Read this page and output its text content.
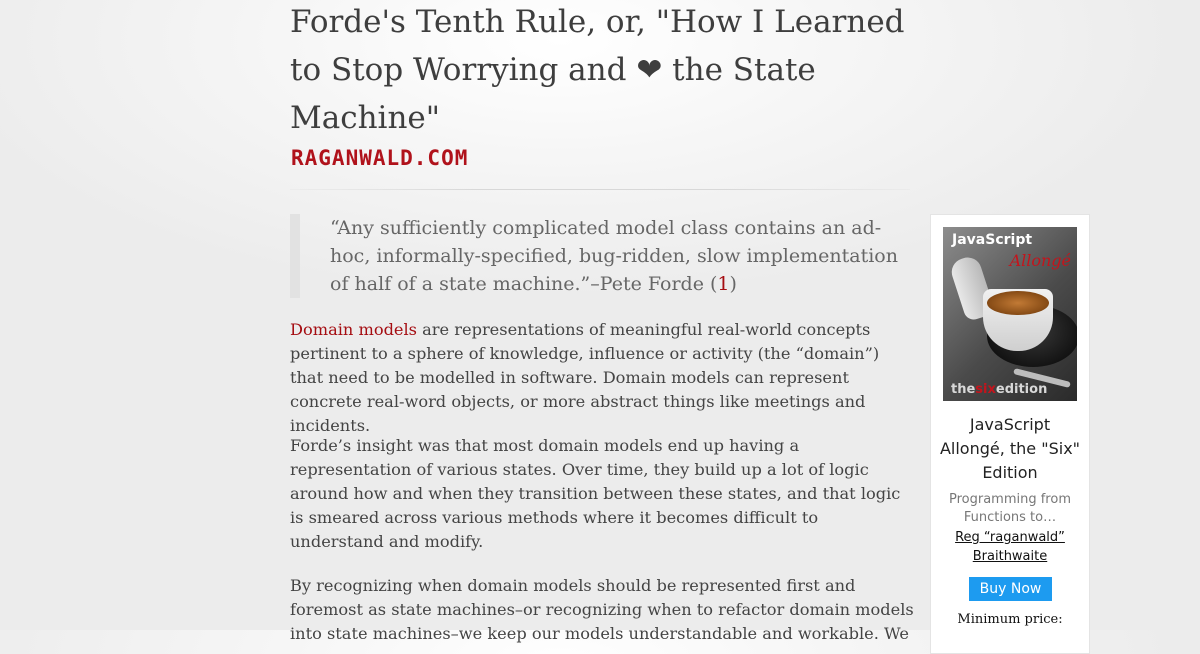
Forde's Tenth Rule, or, "How I Learned to Stop Worrying and ❤ the State Machine"
RAGANWALD.COM

“Any sufficiently complicated model class contains an ad-hoc, informally-specified, bug-ridden, slow implementation of half of a state machine.”–Pete Forde (1)

Domain models are representations of meaningful real-world concepts pertinent to a sphere of knowledge, influence or activity (the “domain”) that need to be modelled in software. Domain models can represent concrete real-word objects, or more abstract things like meetings and incidents.

Forde’s insight was that most domain models end up having a representation of various states. Over time, they build up a lot of logic around how and when they transition between these states, and that logic is smeared across various methods where it becomes difficult to understand and modify.

By recognizing when domain models should be represented first and foremost as state machines–or recognizing when to refactor domain models into state machines–we keep our models understandable and workable. We

JavaScript

Allongé

thesixedition

JavaScript Allongé, the "Six" Edition

Programming from Functions to…

Reg “raganwald” Braithwaite
Buy Now

Minimum price:
